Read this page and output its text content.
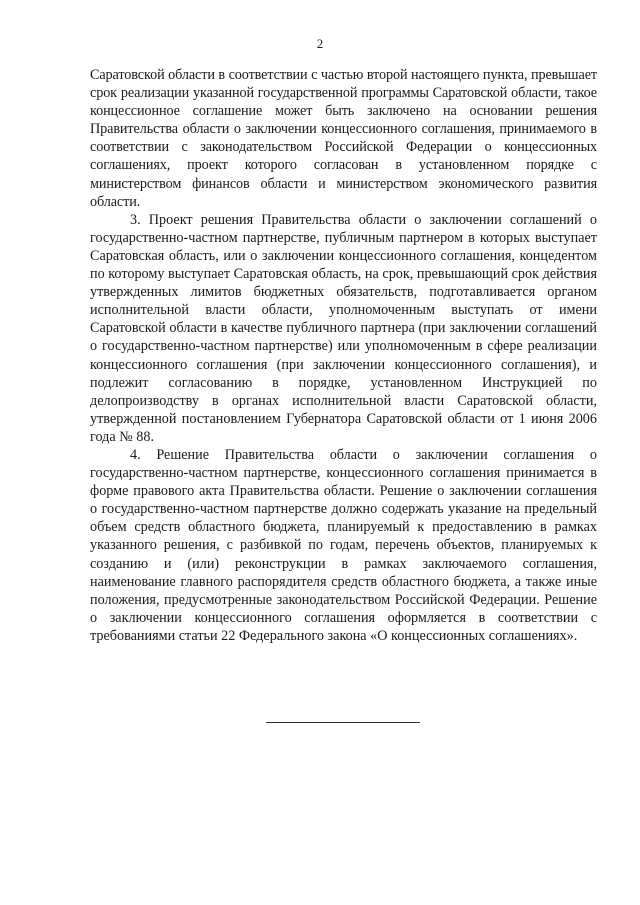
2

Саратовской области в соответствии с частью второй настоящего пункта, превышает срок реализации указанной государственной программы Саратовской области, такое концессионное соглашение может быть заключено на основании решения Правительства области о заключении концессионного соглашения, принимаемого в соответствии с законодательством Российской Федерации о концессионных соглашениях, проект которого согласован в установленном порядке с министерством финансов области и министерством экономического развития области.

3. Проект решения Правительства области о заключении соглашений о государственно-частном партнерстве, публичным партнером в которых выступает Саратовская область, или о заключении концессионного соглашения, концедентом по которому выступает Саратовская область, на срок, превышающий срок действия утвержденных лимитов бюджетных обязательств, подготавливается органом исполнительной власти области, уполномоченным выступать от имени Саратовской области в качестве публичного партнера (при заключении соглашений о государственно-частном партнерстве) или уполномоченным в сфере реализации концессионного соглашения (при заключении концессионного соглашения), и подлежит согласованию в порядке, установленном Инструкцией по делопроизводству в органах исполнительной власти Саратовской области, утвержденной постановлением Губернатора Саратовской области от 1 июня 2006 года № 88.

4. Решение Правительства области о заключении соглашения о государственно-частном партнерстве, концессионного соглашения принимается в форме правового акта Правительства области. Решение о заключении соглашения о государственно-частном партнерстве должно содержать указание на предельный объем средств областного бюджета, планируемый к предоставлению в рамках указанного решения, с разбивкой по годам, перечень объектов, планируемых к созданию и (или) реконструкции в рамках заключаемого соглашения, наименование главного распорядителя средств областного бюджета, а также иные положения, предусмотренные законодательством Российской Федерации. Решение о заключении концессионного соглашения оформляется в соответствии с требованиями статьи 22 Федерального закона «О концессионных соглашениях».
